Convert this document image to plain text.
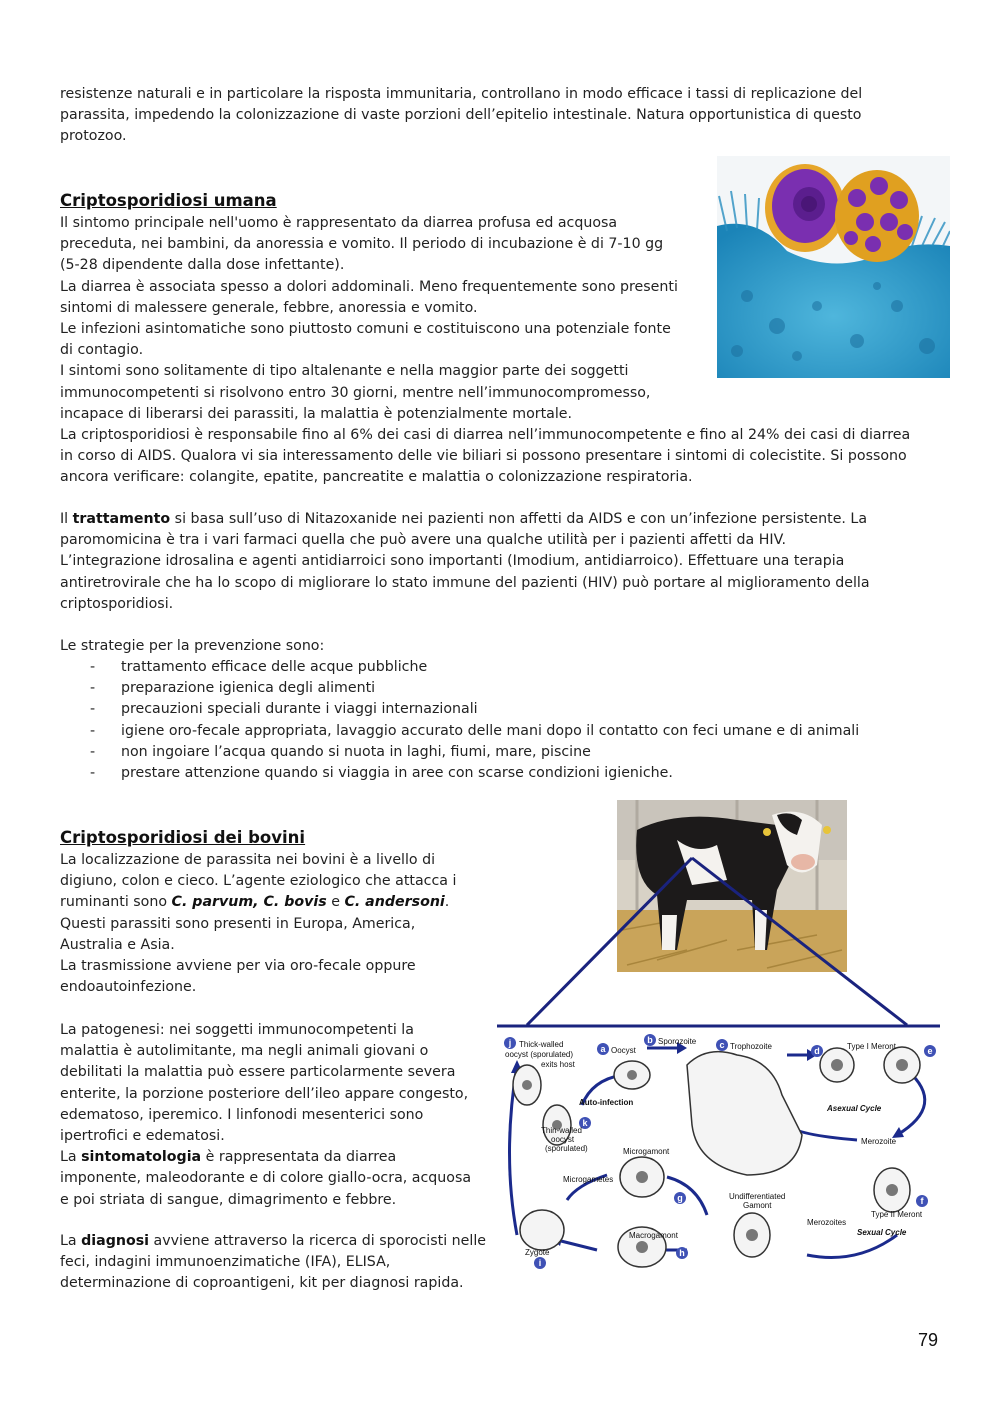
resistenze naturali e in particolare la risposta immunitaria, controllano in modo efficace i tassi di replicazione del

parassita, impedendo la colonizzazione di vaste porzioni dell’epitelio intestinale. Natura opportunistica di questo

protozoo.

Criptosporidiosi umana

Il sintomo principale nell'uomo è rappresentato da diarrea profusa ed acquosa

preceduta, nei bambini, da anoressia e vomito. Il periodo di incubazione è di 7-10 gg

(5-28 dipendente dalla dose infettante).

La diarrea è associata spesso a dolori addominali. Meno frequentemente sono presenti

sintomi di malessere generale, febbre, anoressia e vomito.

Le infezioni asintomatiche sono piuttosto comuni e costituiscono una potenziale fonte

di contagio.

I sintomi sono solitamente di tipo altalenante e nella maggior parte dei soggetti

immunocompetenti si risolvono entro 30 giorni, mentre nell’immunocompromesso,

incapace di liberarsi dei parassiti, la malattia è potenzialmente mortale.

La criptosporidiosi è responsabile fino al 6% dei casi di diarrea nell’immunocompetente e fino al 24% dei casi di diarrea

in corso di AIDS. Qualora vi sia interessamento delle vie biliari si possono presentare i sintomi di colecistite. Si possono

ancora verificare: colangite, epatite, pancreatite e malattia o colonizzazione respiratoria.

Il trattamento si basa sull’uso di Nitazoxanide nei pazienti non affetti da AIDS e con un’infezione persistente. La

paromomicina è tra i vari farmaci quella che può avere una qualche utilità per i pazienti affetti da HIV.

L’integrazione idrosalina e agenti antidiarroici sono importanti (Imodium, antidiarroico). Effettuare una terapia

antiretrovirale che ha lo scopo di migliorare lo stato immune del pazienti (HIV) può portare al miglioramento della

criptosporidiosi.

Le strategie per la prevenzione sono:
- trattamento efficace delle acque pubbliche
- preparazione igienica degli alimenti
- precauzioni speciali durante i viaggi internazionali
- igiene oro-fecale appropriata, lavaggio accurato delle mani dopo il contatto con feci umane e di animali
- non ingoiare l’acqua quando si nuota in laghi, fiumi, mare, piscine
- prestare attenzione quando si viaggia in aree con scarse condizioni igieniche.
Criptosporidiosi dei bovini

La localizzazione de parassita nei bovini è a livello di

digiuno, colon e cieco. L’agente eziologico che attacca i

ruminanti sono C. parvum, C. bovis e C. andersoni.

Questi parassiti sono presenti in Europa, America,

Australia e Asia.

La trasmissione avviene per via oro-fecale oppure

endoautoinfezione.

La patogenesi: nei soggetti immunocompetenti la

malattia è autolimitante, ma negli animali giovani o

debilitati la malattia può essere particolarmente severa

enterite, la porzione posteriore dell’ileo appare congesto,

edematoso, iperemico. I linfonodi mesenterici sono

ipertrofici e edematosi.

La sintomatologia è rappresentata da diarrea

imponente, maleodorante e di colore giallo-ocra, acquosa

e poi striata di sangue, dimagrimento e febbre.

La diagnosi avviene attraverso la ricerca di sporocisti nelle

feci, indagini immunoenzimatiche (IFA), ELISA,

determinazione di coproantigeni, kit per diagnosi rapida.

j
a
b	c
d	e
f
g
h
i
k
Thick-walled
oocyst (sporulated)
exits host
Oocyst
Sporozoite
Trophozoite	Type I Meront
Auto-infection
Asexual Cycle
Merozoite
Thin-walled
oocyst
(sporulated)	Microgamont
Microgametes
Undifferentiated
Gamont
Type II Meront
Merozoites
Sexual Cycle
Macrogamont
Zygote
79
